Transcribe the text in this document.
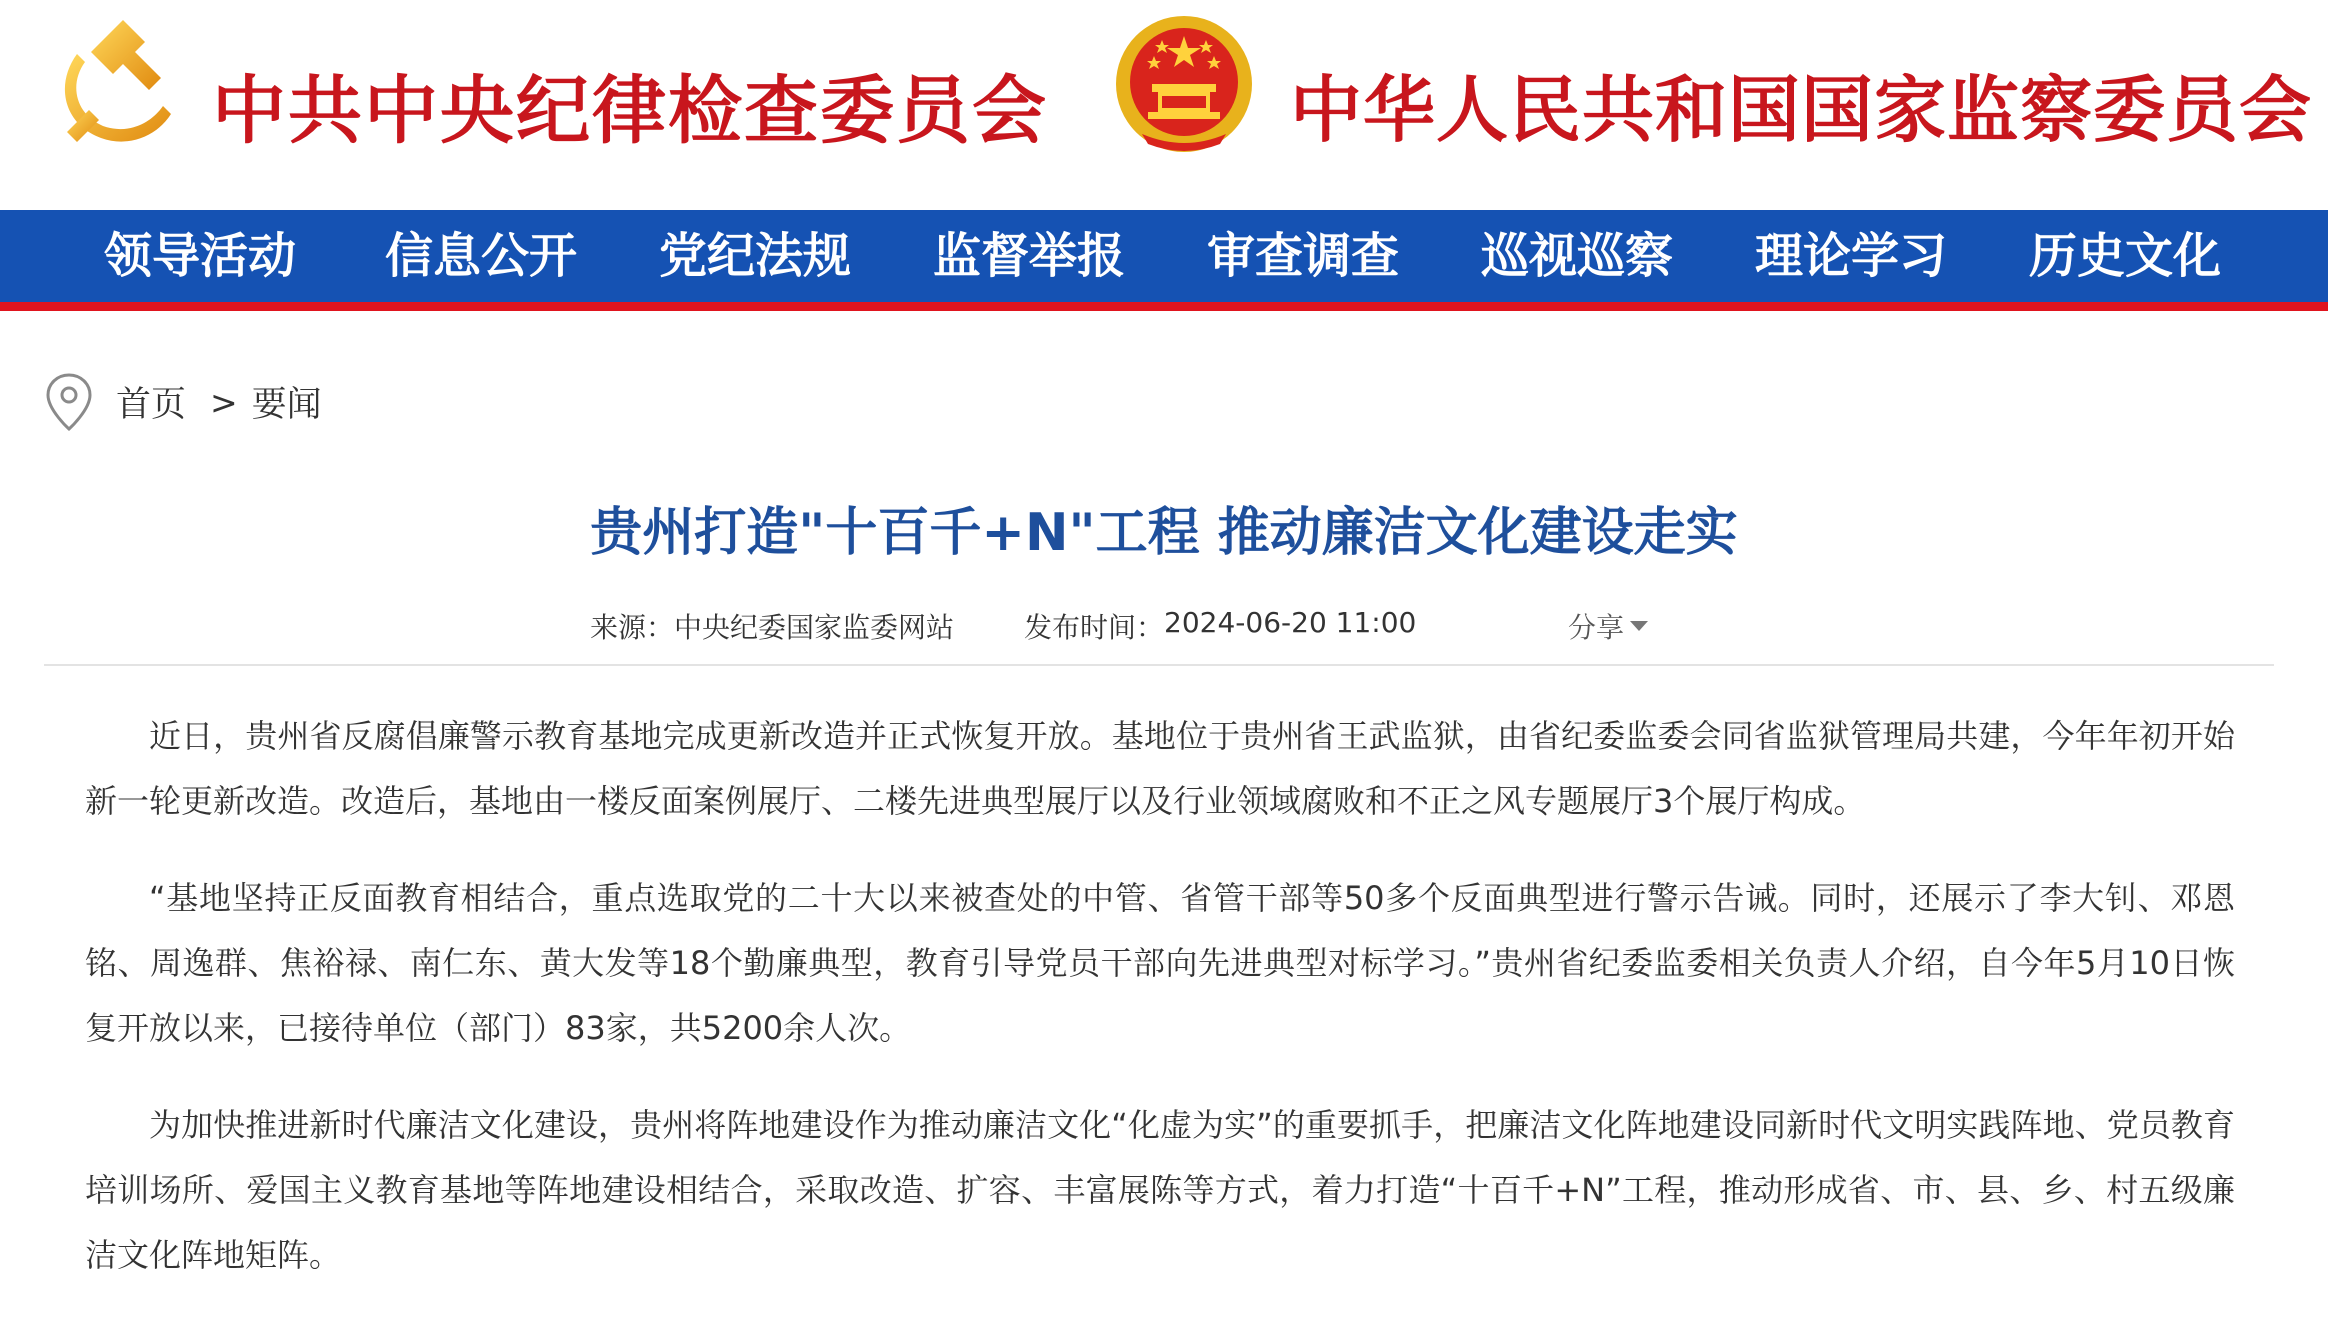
中共中央纪律检查委员会	中华人民共和国国家监察委员会
领导活动	信息公开	党纪法规	监督举报	审查调查	巡视巡察	理论学习	历史文化
首页 > 要闻
贵州打造"十百千+N"工程 推动廉洁文化建设走实
来源： 中央纪委国家监委网站	发布时间： 2024-06-20 11:00	分享

近日，贵州省反腐倡廉警示教育基地完成更新改造并正式恢复开放。基地位于贵州省王武监狱，由省纪委监委会同省监狱管理局共建，今年年初开始新一轮更新改造。改造后，基地由一楼反面案例展厅、二楼先进典型展厅以及行业领域腐败和不正之风专题展厅3个展厅构成。

“基地坚持正反面教育相结合，重点选取党的二十大以来被查处的中管、省管干部等50多个反面典型进行警示告诫。同时，还展示了李大钊、邓恩铭、周逸群、焦裕禄、南仁东、黄大发等18个勤廉典型，教育引导党员干部向先进典型对标学习。”贵州省纪委监委相关负责人介绍，自今年5月10日恢复开放以来，已接待单位（部门）83家，共5200余人次。

为加快推进新时代廉洁文化建设，贵州将阵地建设作为推动廉洁文化“化虚为实”的重要抓手，把廉洁文化阵地建设同新时代文明实践阵地、党员教育培训场所、爱国主义教育基地等阵地建设相结合，采取改造、扩容、丰富展陈等方式，着力打造“十百千+N”工程，推动形成省、市、县、乡、村五级廉洁文化阵地矩阵。
